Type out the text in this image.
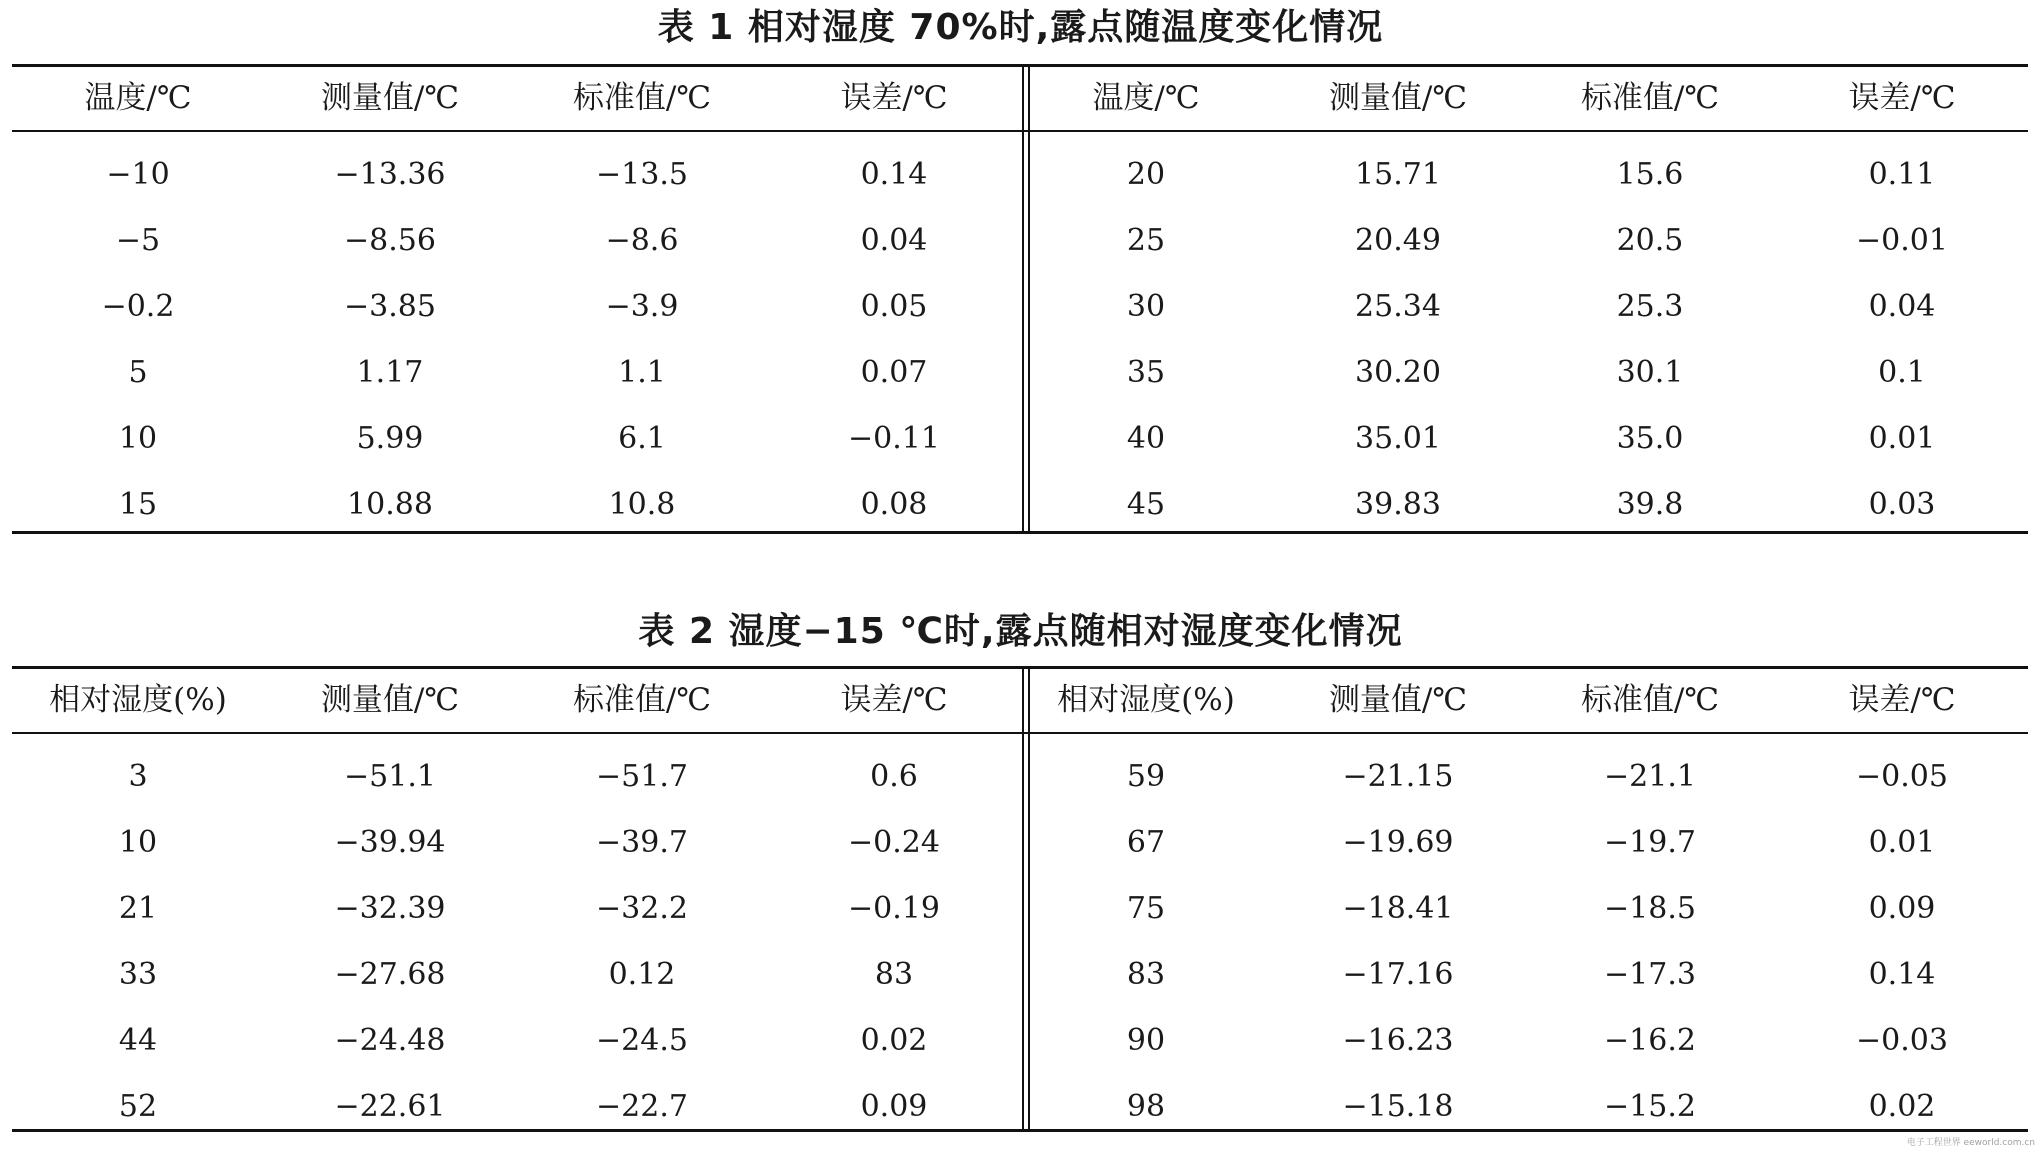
表 1 相对湿度 70%时,露点随温度变化情况
温度/℃	测量值/℃	标准值/℃	误差/℃	温度/℃	测量值/℃	标准值/℃	误差/℃
−10	−13.36	−13.5	0.14	20	15.71	15.6	0.11
−5	−8.56	−8.6	0.04	25	20.49	20.5	−0.01
−0.2	−3.85	−3.9	0.05	30	25.34	25.3	0.04
5	1.17	1.1	0.07	35	30.20	30.1	0.1
10	5.99	6.1	−0.11	40	35.01	35.0	0.01
15	10.88	10.8	0.08	45	39.83	39.8	0.03
表 2 湿度−15 ℃时,露点随相对湿度变化情况
相对湿度(%)	测量值/℃	标准值/℃	误差/℃	相对湿度(%)	测量值/℃	标准值/℃	误差/℃
3	−51.1	−51.7	0.6	59	−21.15	−21.1	−0.05
10	−39.94	−39.7	−0.24	67	−19.69	−19.7	0.01
21	−32.39	−32.2	−0.19	75	−18.41	−18.5	0.09
33	−27.68	0.12	83	83	−17.16	−17.3	0.14
44	−24.48	−24.5	0.02	90	−16.23	−16.2	−0.03
52	−22.61	−22.7	0.09	98	−15.18	−15.2	0.02
电子工程世界 eeworld.com.cn
